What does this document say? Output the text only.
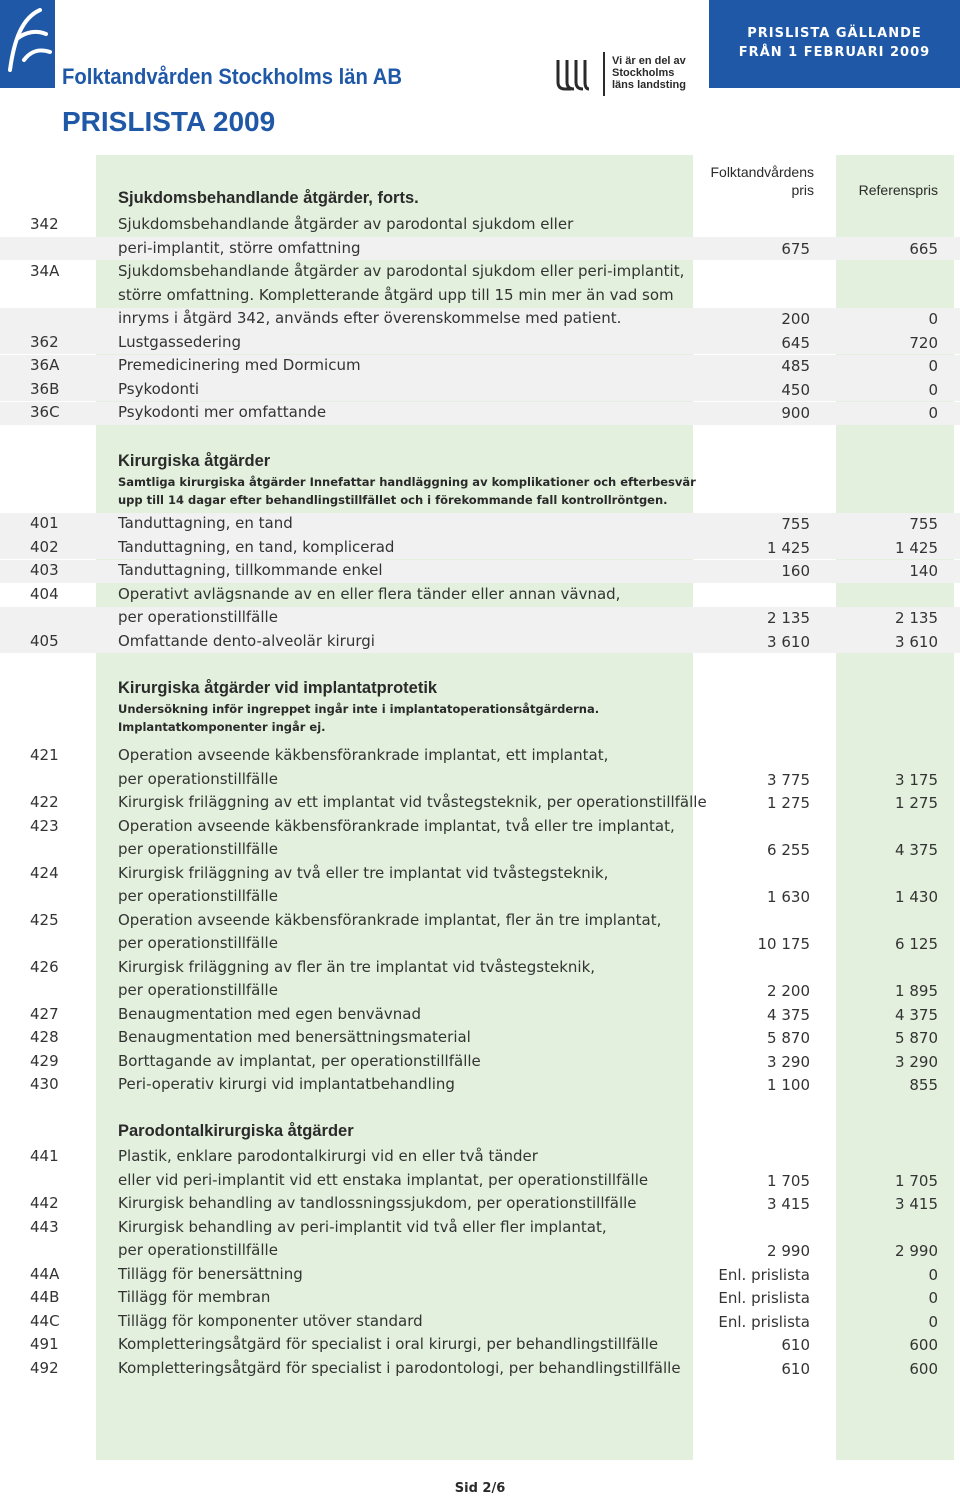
Folktandvården Stockholms län AB
PRISLISTA 2009
Vi är en del av
Stockholms
läns landsting
PRISLISTA GÄLLANDE
FRÅN 1 FEBRUARI 2009
Folktandvårdens
pris	Referenspris
Sjukdomsbehandlande åtgärder, forts.
342	Sjukdomsbehandlande åtgärder av parodontal sjukdom eller
peri-implantit, större omfattning	675	665
34A	Sjukdomsbehandlande åtgärder av parodontal sjukdom eller peri-implantit,
större omfattning. Kompletterande åtgärd upp till 15 min mer än vad som
inryms i åtgärd 342, används efter överenskommelse med patient.	200	0
362	Lustgassedering	645	720
36A	Premedicinering med Dormicum	485	0
36B	Psykodonti	450	0
36C	Psykodonti mer omfattande	900	0
Kirurgiska åtgärder
Samtliga kirurgiska åtgärder Innefattar handläggning av komplikationer och efterbesvär
upp till 14 dagar efter behandlingstillfället och i förekommande fall kontrollröntgen.
401	Tanduttagning, en tand	755	755
402	Tanduttagning, en tand, komplicerad	1 425	1 425
403	Tanduttagning, tillkommande enkel	160	140
404	Operativt avlägsnande av en eller flera tänder eller annan vävnad,
per operationstillfälle	2 135	2 135
405	Omfattande dento-alveolär kirurgi	3 610	3 610
Kirurgiska åtgärder vid implantatprotetik
Undersökning inför ingreppet ingår inte i implantatoperationsåtgärderna.
Implantatkomponenter ingår ej.
421	Operation avseende käkbensförankrade implantat, ett implantat,
per operationstillfälle	3 775	3 175
422	Kirurgisk friläggning av ett implantat vid tvåstegsteknik, per operationstillfälle	1 275	1 275
423	Operation avseende käkbensförankrade implantat, två eller tre implantat,
per operationstillfälle	6 255	4 375
424	Kirurgisk friläggning av två eller tre implantat vid tvåstegsteknik,
per operationstillfälle	1 630	1 430
425	Operation avseende käkbensförankrade implantat, fler än tre implantat,
per operationstillfälle	10 175	6 125
426	Kirurgisk friläggning av fler än tre implantat vid tvåstegsteknik,
per operationstillfälle	2 200	1 895
427	Benaugmentation med egen benvävnad	4 375	4 375
428	Benaugmentation med benersättningsmaterial	5 870	5 870
429	Borttagande av implantat, per operationstillfälle	3 290	3 290
430	Peri-operativ kirurgi vid implantatbehandling	1 100	855
Parodontalkirurgiska åtgärder
441	Plastik, enklare parodontalkirurgi vid en eller två tänder
eller vid peri-implantit vid ett enstaka implantat, per operationstillfälle	1 705	1 705
442	Kirurgisk behandling av tandlossningssjukdom, per operationstillfälle	3 415	3 415
443	Kirurgisk behandling av peri-implantit vid två eller fler implantat,
per operationstillfälle	2 990	2 990
44A	Tillägg för benersättning	Enl. prislista	0
44B	Tillägg för membran	Enl. prislista	0
44C	Tillägg för komponenter utöver standard	Enl. prislista	0
491	Kompletteringsåtgärd för specialist i oral kirurgi, per behandlingstillfälle	610	600
492	Kompletteringsåtgärd för specialist i parodontologi, per behandlingstillfälle	610	600
Sid 2/6
